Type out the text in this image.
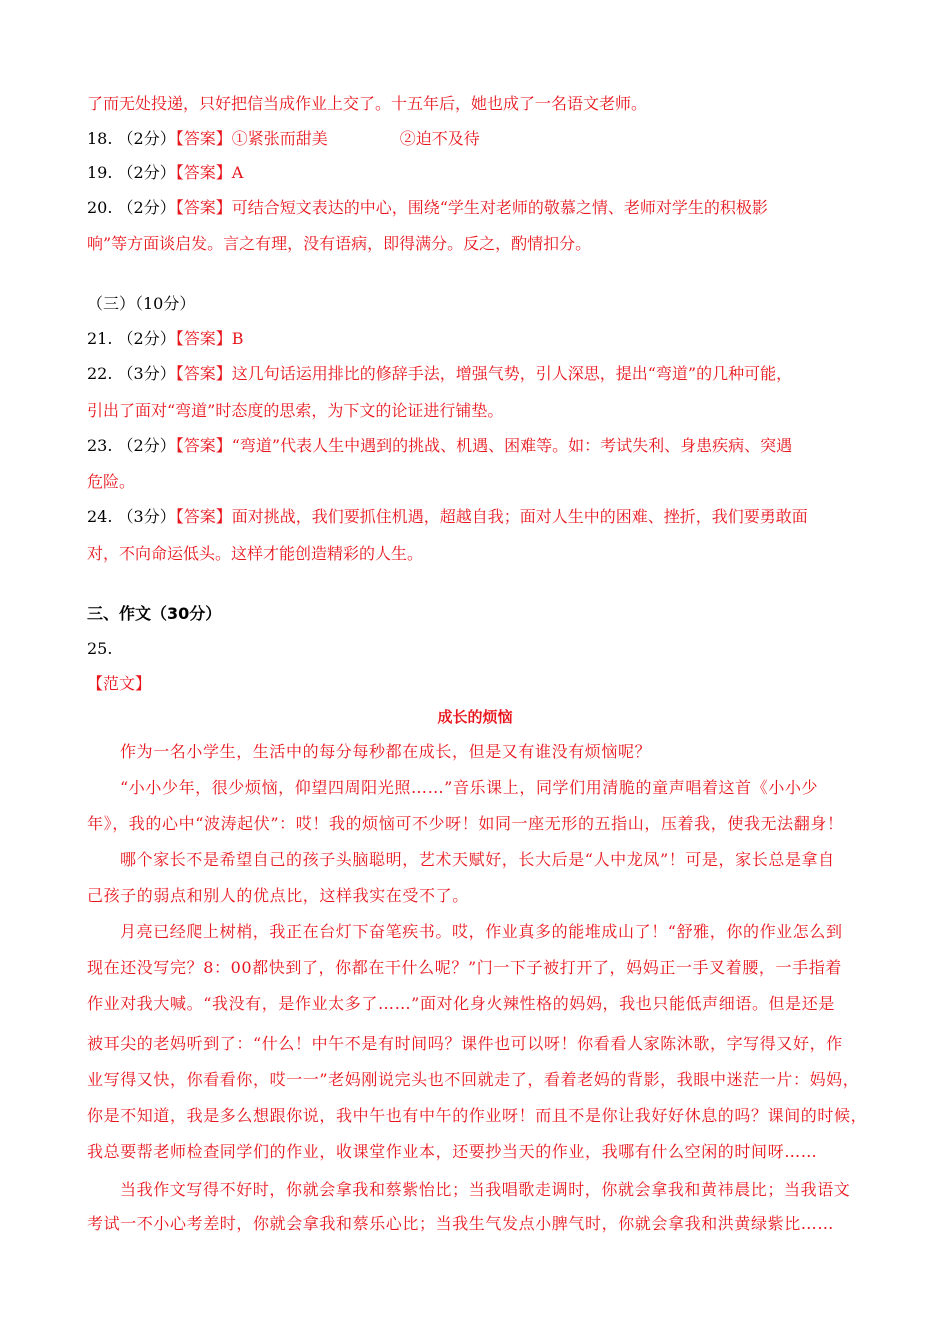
了而无处投递，只好把信当成作业上交了。十五年后，她也成了一名语文老师。
18. （2分）【答案】①紧张而甜美	②迫不及待
19. （2分）【答案】A
20. （2分）【答案】可结合短文表达的中心，围绕“学生对老师的敬慕之情、老师对学生的积极影
响”等方面谈启发。言之有理，没有语病，即得满分。反之，酌情扣分。
（三）（10分）
21. （2分）【答案】B
22. （3分）【答案】这几句话运用排比的修辞手法，增强气势，引人深思，提出“弯道”的几种可能，
引出了面对“弯道”时态度的思索，为下文的论证进行铺垫。
23. （2分）【答案】“弯道”代表人生中遇到的挑战、机遇、困难等。如：考试失利、身患疾病、突遇
危险。
24. （3分）【答案】面对挑战，我们要抓住机遇，超越自我；面对人生中的困难、挫折，我们要勇敢面
对，不向命运低头。这样才能创造精彩的人生。
三、作文（30分）
25.
【范文】
成长的烦恼
作为一名小学生，生活中的每分每秒都在成长，但是又有谁没有烦恼呢？
“小小少年，很少烦恼，仰望四周阳光照……”音乐课上，同学们用清脆的童声唱着这首《小小少
年》，我的心中“波涛起伏”：哎！我的烦恼可不少呀！如同一座无形的五指山，压着我，使我无法翻身！
哪个家长不是希望自己的孩子头脑聪明，艺术天赋好，长大后是“人中龙凤”！可是，家长总是拿自
己孩子的弱点和别人的优点比，这样我实在受不了。
月亮已经爬上树梢，我正在台灯下奋笔疾书。哎，作业真多的能堆成山了！“舒雅，你的作业怎么到
现在还没写完？8：00都快到了，你都在干什么呢？”门一下子被打开了，妈妈正一手叉着腰，一手指着
作业对我大喊。“我没有，是作业太多了……”面对化身火辣性格的妈妈，我也只能低声细语。但是还是
被耳尖的老妈听到了：“什么！中午不是有时间吗？课件也可以呀！你看看人家陈沐歌，字写得又好，作
业写得又快，你看看你，哎一一”老妈刚说完头也不回就走了，看着老妈的背影，我眼中迷茫一片：妈妈，
你是不知道，我是多么想跟你说，我中午也有中午的作业呀！而且不是你让我好好休息的吗？课间的时候，
我总要帮老师检查同学们的作业，收课堂作业本，还要抄当天的作业，我哪有什么空闲的时间呀……
当我作文写得不好时，你就会拿我和蔡紫怡比；当我唱歌走调时，你就会拿我和黄祎晨比；当我语文
考试一不小心考差时，你就会拿我和蔡乐心比；当我生气发点小脾气时，你就会拿我和洪黄绿紫比……
